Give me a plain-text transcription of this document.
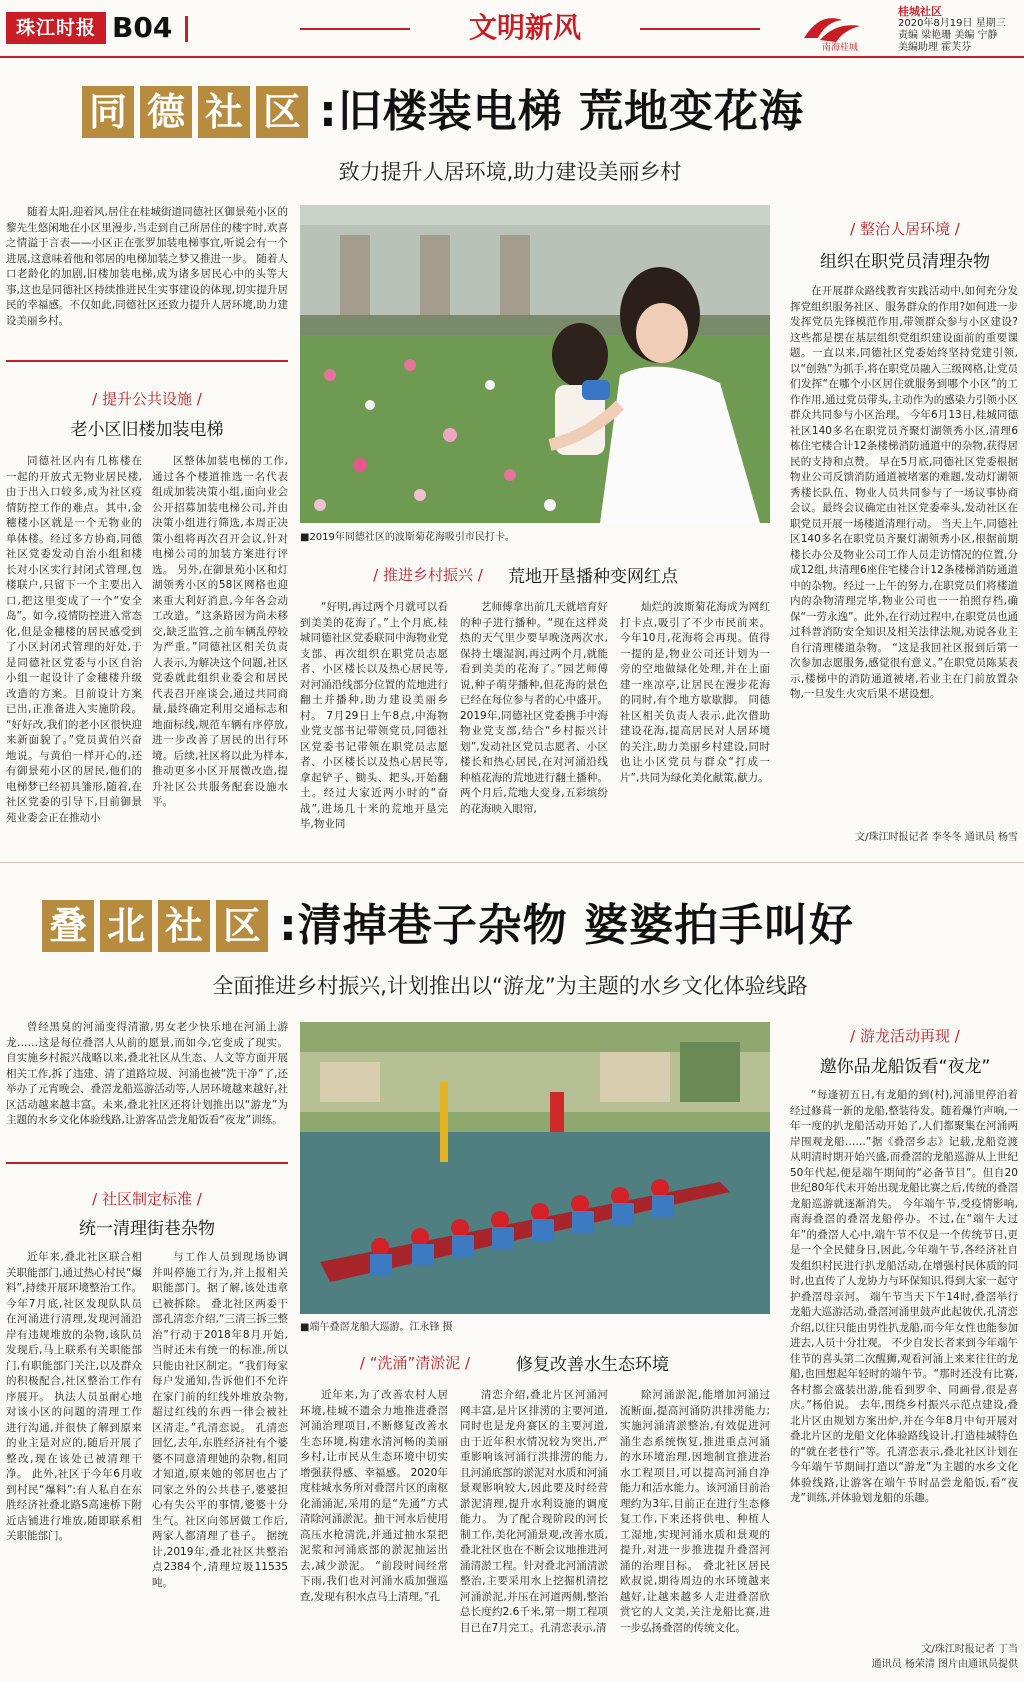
珠江时报 B04	文明新风
南海桂城
桂城社区
2020年8月19日 星期三
责编 梁艳珊 美编 宁静
美编助理 霍芙芬
同 德 社 区 :旧楼装电梯 荒地变花海
致力提升人居环境,助力建设美丽乡村

随着太阳,迎着风,居住在桂城街道同德社区御景苑小区的黎先生悠闲地在小区里漫步,当走到自己所居住的楼宇时,欢喜之情溢于言表——小区正在张罗加装电梯事宜,听说会有一个进展,这意味着他和邻居的电梯加装之梦又推进一步。 随着人口老龄化的加剧,旧楼加装电梯,成为诸多居民心中的头等大事,这也是同德社区持续推进民生实事建设的体现,切实提升居民的幸福感。不仅如此,同德社区还致力提升人居环境,助力建设美丽乡村。

/ 提升公共设施 /
老小区旧楼加装电梯

同德社区内有几栋楼在一起的开放式无物业居民楼,由于出入口较多,成为社区疫情防控工作的难点。其中,金穗楼小区就是一个无物业的单体楼。经过多方协商,同德社区党委发动自治小组和楼长对小区实行封闭式管理,包楼联户,只留下一个主要出入口,把这里变成了一个“安全岛”。如今,疫情防控进入常态化,但是金穗楼的居民感受到了小区封闭式管理的好处,于是同德社区党委与小区自治小组一起设计了金穗楼升级改造的方案。目前设计方案已出,正准备进入实施阶段。 “好好改,我们的老小区很快迎来新面貌了。”党员黄伯兴奋地说。与黄伯一样开心的,还有御景苑小区的居民,他们的电梯梦已经初具雏形,随着,在社区党委的引导下,目前御景苑业委会正在推动小

区整体加装电梯的工作,通过各个楼道推选一名代表组成加装决策小组,面向业会公开招募加装电梯公司,并由决策小组进行筛选,本周正决策小组将再次召开会议,针对电梯公司的加装方案进行评选。 另外,在御景苑小区和灯湖领秀小区的58区网格也迎来重大利好消息,今年各会动工改造。“这条路因为尚未移交,缺乏监管,之前车辆乱停较为严重。”同德社区相关负责人表示,为解决这个问题,社区党委就此组织业委会和居民代表召开座谈会,通过共同商量,最终确定利用交通标志和地面标线,规范车辆有序停放,进一步改善了居民的出行环境。后续,社区将以此为样本,推动更多小区开展微改造,提升社区公共服务配套设施水平。

■2019年同德社区的波斯菊花海吸引市民打卡。
/ 推进乡村振兴 /	荒地开垦播种变网红点

“好明,再过两个月就可以看到美美的花海了。”上个月底,桂城同德社区党委联同中海物业党支部、再次组织在职党员志愿者、小区楼长以及热心居民等,对河涌沿线部分位置的荒地进行翻土并播种,助力建设美丽乡村。 7月29日上午8点,中海物业党支部书记带领党员,同德社区党委书记带领在职党员志愿者、小区楼长以及热心居民等,拿起铲子、锄头、耙头,开始翻土。经过大家近两小时的“奋战”,进场几十米的荒地开垦完毕,物业同

艺师傅拿出前几天就培育好的种子进行播种。“现在这样炎热的天气里少要早晚浇两次水,保持土壤湿润,再过两个月,就能看到美美的花海了。”园艺师傅说,种子萌芽播种,但花海的景色已经在每位参与者的心中盛开。 2019年,同德社区党委携手中海物业党支部,结合“乡村振兴计划”,发动社区党员志愿者、小区楼长和热心居民,在对河涌沿线种植花海的荒地进行翻土播种。两个月后,荒地大变身,五彩缤纷的花海映入眼帘,

灿烂的波斯菊花海成为网红打卡点,吸引了不少市民前来。 今年10月,花海将会再现。值得一提的是,物业公司还计划为一旁的空地做绿化处理,并在上面建一座凉亭,让居民在漫步花海的同时,有个地方歇歇脚。 同德社区相关负责人表示,此次借助建设花海,提高居民对人居环境的关注,助力美丽乡村建设,同时也让小区党员与群众“打成一片”,共同为绿化美化献策,献力。

/ 整治人居环境 /
组织在职党员清理杂物

在开展群众路线教育实践活动中,如何充分发挥党组织服务社区、服务群众的作用?如何进一步发挥党员先锋模范作用,带领群众参与小区建设?这些都是摆在基层组织党组织建设面前的重要课题。一直以来,同德社区党委始终坚持党建引领,以“创熟”为抓手,将在职党员融入三级网格,让党员们发挥“在哪个小区居住就服务到哪个小区”的工作作用,通过党员带头,主动作为的感染力引领小区群众共同参与小区治理。 今年6月13日,桂城同德社区140多名在职党员齐聚灯湖领秀小区,清理6栋住宅楼合计12条楼梯消防通道中的杂物,获得居民的支持和点赞。 早在5月底,同德社区党委根据物业公司反馈消防通道被堵塞的难题,发动灯湖领秀楼长队伍、物业人员共同参与了一场议事协商会议。最终会议确定由社区党委牵头,发动社区在职党员开展一场楼道清理行动。 当天上午,同德社区140多名在职党员齐聚灯湖领秀小区,根据前期楼长办公及物业公司工作人员走访情况的位置,分成12组,共清理6座住宅楼合计12条楼梯消防通道中的杂物。经过一上午的努力,在职党员们将楼道内的杂物清理完毕,物业公司也一一拍照存档,确保“一劳永逸”。此外,在行动过程中,在职党员也通过科普消防安全知识及相关法律法规,劝说各业主自行清理楼道杂物。 “这是我回社区报到后第一次参加志愿服务,感觉很有意义。”在职党员陈某表示,楼梯中的消防通道被堵,若业主在门前放置杂物,一旦发生火灾后果不堪设想。

文/珠江时报记者 李冬冬 通讯员 杨雪
叠 北 社 区 :清掉巷子杂物 婆婆拍手叫好
全面推进乡村振兴,计划推出以“游龙”为主题的水乡文化体验线路

曾经黑臭的河涌变得清澈,男女老少快乐地在河涌上游龙……这是每位叠滘人从前的愿景,而如今,它变成了现实。 自实施乡村振兴战略以来,叠北社区从生态、人文等方面开展相关工作,拆了违建、清了道路垃圾、河涌也被“洗干净”了,还举办了元宵晚会、叠滘龙船巡游活动等,人居环境越来越好,社区活动越来越丰富。未来,叠北社区还将计划推出以“游龙”为主题的水乡文化体验线路,让游客品尝龙船饭看“夜龙”训练。

/ 社区制定标准 /
统一清理街巷杂物

近年来,叠北社区联合相关职能部门,通过热心村民“爆料”,持续开展环境整治工作。 今年7月底,社区发现队队员在河涌进行清理,发现河涌沿岸有违规堆放的杂物,该队员发现后,马上联系有关职能部门,有职能部门关注,以及群众的积极配合,社区整治工作有序展开。 执法人员虽耐心地对该小区的问题的清理工作进行沟通,并很快了解到原来的业主是对应的,随后开展了整改,现在该处已被清理干净。 此外,社区于今年6月收到村民“爆料”:有人私自在东胜经济社叠北路S高速桥下附近店铺进行堆放,随即联系相关职能部门。

与工作人员到现场协调并叫停施工行为,并上报相关职能部门。据了解,该处违章已被拆除。 叠北社区两委干部孔清恋介绍,“三清三拆三整治”行动于2018年8月开始,当时还未有统一的标准,所以只能由社区制定。“我们每家每户发通知,告诉他们不允许在家门前的红线外堆放杂物,超过红线的东西一律会被社区清走。”孔清恋说。 孔清恋回忆,去年,东胜经济社有个婆婆不同意清理她的杂物,相同才知道,原来她的邻居也占了同家之外的公共巷子,婆婆担心有失公平的事情,婆婆十分生气。社区向邻居做工作后,两家人都清理了巷子。 据统计,2019年,叠北社区共整治点2384个,清理垃圾11535吨。

■端午叠滘龙船大巡游。江永锋 摄
/ “洗涌”清淤泥 /	修复改善水生态环境

近年来,为了改善农村人居环境,桂城不遗余力地推进叠滘河涌治理项目,不断修复改善水生态环境,构建水清河畅的美丽乡村,让市民从生态环境中切实增强获得感、幸福感。 2020年度桂城水务所对叠滘片区的南枢化涌涌泥,采用的是“先通”方式清除河涌淤泥。抽干河水后使用高压水枪清洗,并通过抽水泵把泥浆和河涌底部的淤泥抽运出去,减少淤泥。 “前段时间经常下雨,我们也对河涌水质加强巡查,发现有积水点马上清理。”孔

清恋介绍,叠北片区河涌河网丰富,是片区排涝的主要河道,同时也是龙舟赛区的主要河道,由于近年积水情况较为突出,严重影响该河涌行洪排涝的能力,且河涌底部的淤泥对水质和河涌景观影响较大,因此要及时经营淤泥清理,提升水利设施的调度能力。 为了配合现阶段的河长制工作,美化河涌景观,改善水质,叠北社区也在不断会议地推进河涌清淤工程。针对叠北河涌清淤整治,主要采用水上挖掘机清挖河涌淤泥,并压在河道两侧,整治总长度约2.6千米,第一期工程项目已在7月完工。孔清恋表示,清

除河涌淤泥,能增加河涌过流断面,提高河涌防洪排涝能力;实施河涌清淤整治,有效促进河涌生态系统恢复,推进重点河涌的水环境治理,因地制宜推进治水工程项目,可以提高河涌自净能力和活水能力。该河涌目前治理约为3年,目前正在进行生态修复工作,下来还将供电、种植人工湿地,实现河涌水质和景观的提升,对进一步推进提升叠滘河涌的治理目标。 叠北社区居民欧叔说,期待周边的水环境越来越好,让越来越多人走进叠滘欣赏它的人文美,关注龙船比赛,进一步弘扬叠滘的传统文化。

/ 游龙活动再现 /
邀你品龙船饭看“夜龙”

“每逢初五日,有龙船的到(村),河涌里停泊着经过修葺一新的龙船,整装待发。随着爆竹声响,一年一度的扒龙船活动开始了,人们都聚集在河涌两岸围观龙船……”据《叠滘乡志》记载,龙船竞渡从明清时期开始兴盛,而叠滘的龙船巡游从上世纪50年代起,便是端午期间的“必备节目”。但自20世纪80年代末开始出现龙船比赛之后,传统的叠滘龙船巡游就逐渐消失。 今年端午节,受疫情影响,南海叠滘的叠滘龙船停办。不过,在“端午大过年”的叠滘人心中,端午节不仅是一个传统节日,更是一个全民健身日,因此,今年端午节,各经济社自发组织村民进行扒龙船活动,在增强村民体质的同时,也直传了人龙协力与环保知识,得到大家一起守护叠滘母亲河。 端午节当天下午14时,叠滘举行龙船大巡游活动,叠滘河涌里鼓声此起彼伏,孔清恋介绍,以往只能由男性扒龙船,而今年女性也能参加进去,人员十分壮观。 不少自发长者来到今年端午佳节的喜头第二次醒狮,观看河涌上来来往往的龙船,也回想起年轻时的端午节。“那时还没有比赛,各村都会盛装出游,能看到罗伞、同画骨,很是喜庆。”杨伯说。 去年,围绕乡村振兴示范点建设,叠北片区由规划方案出炉,并在今年8月中旬开展对叠北片区的龙船文化体验路线设计,打造桂城特色的“就在老巷行”等。孔清恋表示,叠北社区计划在今年端午节期间打造以“游龙”为主题的水乡文化体验线路,让游客在端午节时品尝龙船饭,看“夜龙”训练,并体验划龙船的乐趣。

文/珠江时报记者 丁当
通讯员 杨荣清 图片由通讯员提供
